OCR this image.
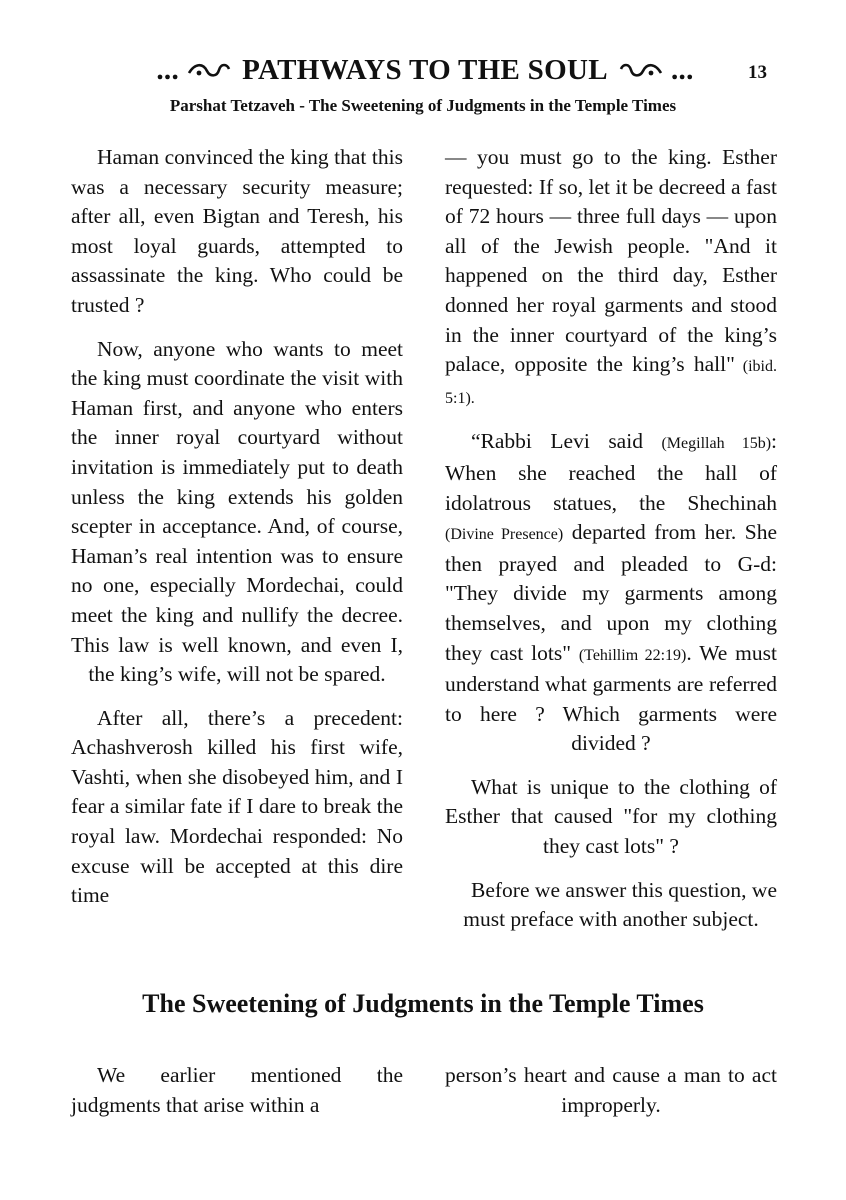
... PATHWAYS TO THE SOUL ...	13
Parshat Tetzaveh - The Sweetening of Judgments in the Temple Times

Haman convinced the king that this was a necessary security measure; after all, even Bigtan and Teresh, his most loyal guards, attempted to assassinate the king. Who could be trusted ?

Now, anyone who wants to meet the king must coordinate the visit with Haman first, and anyone who enters the inner royal courtyard without invitation is immediately put to death unless the king extends his golden scepter in acceptance. And, of course, Haman’s real intention was to ensure no one, especially Mordechai, could meet the king and nullify the decree. This law is well known, and even I, the king’s wife, will not be spared.

After all, there’s a precedent: Achashverosh killed his first wife, Vashti, when she disobeyed him, and I fear a similar fate if I dare to break the royal law. Mordechai responded: No excuse will be accepted at this dire time

— you must go to the king. Esther requested: If so, let it be decreed a fast of 72 hours — three full days — upon all of the Jewish people. "And it happened on the third day, Esther donned her royal garments and stood in the inner courtyard of the king’s palace, opposite the king’s hall" (ibid. 5:1).

“Rabbi Levi said (Megillah 15b): When she reached the hall of idolatrous statues, the Shechinah (Divine Presence) departed from her. She then prayed and pleaded to G-d: "They divide my garments among themselves, and upon my clothing they cast lots" (Tehillim 22:19). We must understand what garments are referred to here ? Which garments were divided ?

What is unique to the clothing of Esther that caused "for my clothing they cast lots" ?

Before we answer this question, we must preface with another subject.

The Sweetening of Judgments in the Temple Times

We earlier mentioned the judgments that arise within a

person’s heart and cause a man to act improperly.
